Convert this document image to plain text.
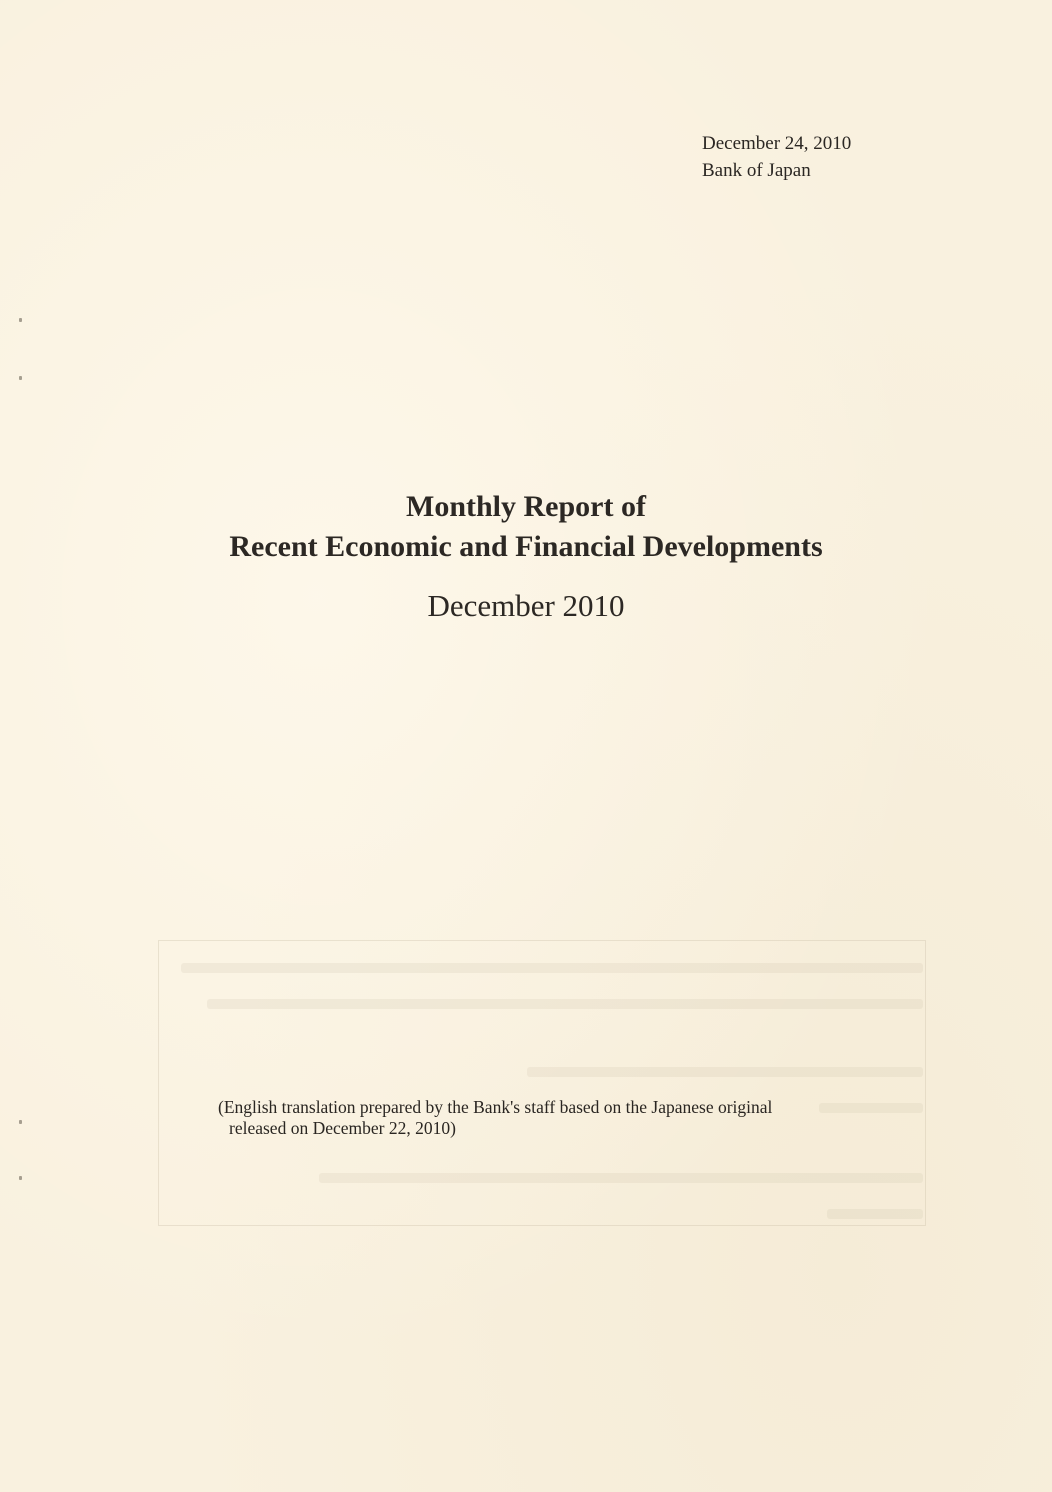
December 24, 2010
Bank of Japan
Monthly Report of
Recent Economic and Financial Developments
December 2010
(English translation prepared by the Bank's staff based on the Japanese original
released on December 22, 2010)
